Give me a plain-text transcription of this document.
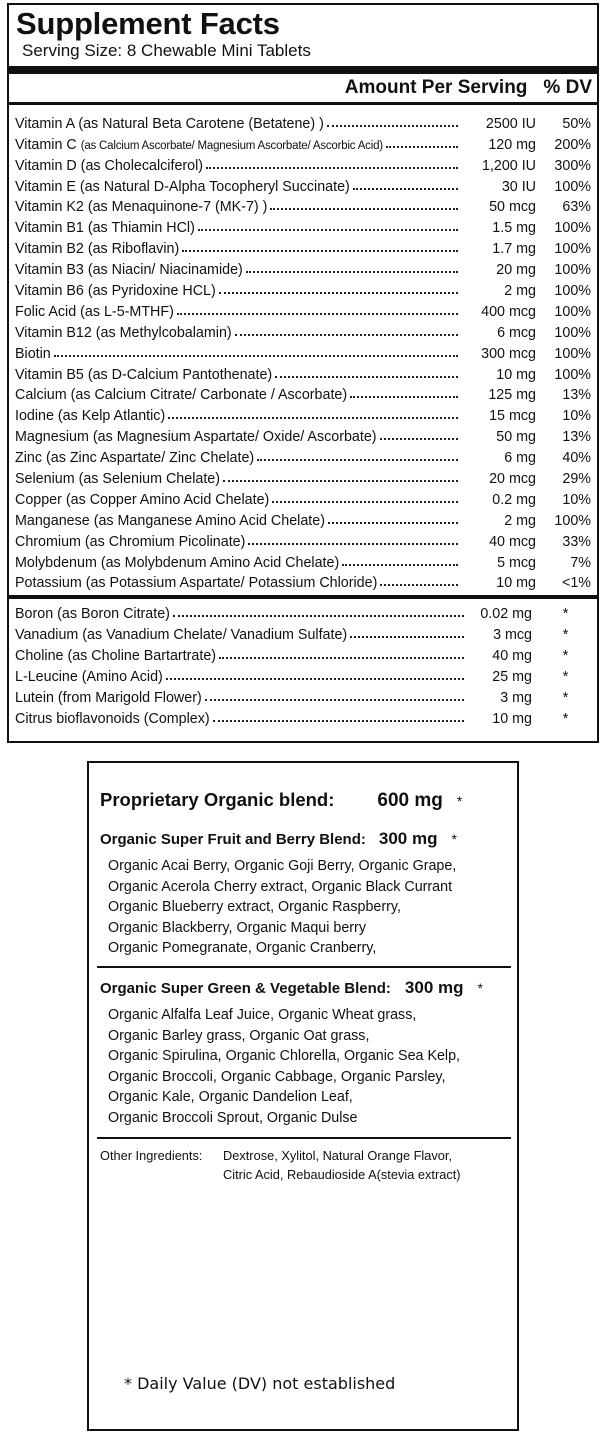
Supplement Facts
Serving Size: 8 Chewable Mini Tablets
Amount Per Serving % DV
Vitamin A (as Natural Beta Carotene (Betatene) )	2500 IU	50%
Vitamin C (as Calcium Ascorbate/ Magnesium Ascorbate/ Ascorbic Acid)	120 mg	200%
Vitamin D (as Cholecalciferol)	1,200 IU	300%
Vitamin E (as Natural D-Alpha Tocopheryl Succinate)	30 IU	100%
Vitamin K2 (as Menaquinone-7 (MK-7) )	50 mcg	63%
Vitamin B1 (as Thiamin HCl)	1.5 mg	100%
Vitamin B2 (as Riboflavin)	1.7 mg	100%
Vitamin B3 (as Niacin/ Niacinamide)	20 mg	100%
Vitamin B6 (as Pyridoxine HCL)	2 mg	100%
Folic Acid (as L-5-MTHF)	400 mcg	100%
Vitamin B12 (as Methylcobalamin)	6 mcg	100%
Biotin	300 mcg	100%
Vitamin B5 (as D-Calcium Pantothenate)	10 mg	100%
Calcium (as Calcium Citrate/ Carbonate / Ascorbate)	125 mg	13%
Iodine (as Kelp Atlantic)	15 mcg	10%
Magnesium (as Magnesium Aspartate/ Oxide/ Ascorbate)	50 mg	13%
Zinc (as Zinc Aspartate/ Zinc Chelate)	6 mg	40%
Selenium (as Selenium Chelate)	20 mcg	29%
Copper (as Copper Amino Acid Chelate)	0.2 mg	10%
Manganese (as Manganese Amino Acid Chelate)	2 mg	100%
Chromium (as Chromium Picolinate)	40 mcg	33%
Molybdenum (as Molybdenum Amino Acid Chelate)	5 mcg	7%
Potassium (as Potassium Aspartate/ Potassium Chloride)	10 mg	<1%
Boron (as Boron Citrate)	0.02 mg	*
Vanadium (as Vanadium Chelate/ Vanadium Sulfate)	3 mcg	*
Choline (as Choline Bartartrate)	40 mg	*
L-Leucine (Amino Acid)	25 mg	*
Lutein (from Marigold Flower)	3 mg	*
Citrus bioflavonoids (Complex)	10 mg	*
Proprietary Organic blend: 600 mg *
Organic Super Fruit and Berry Blend: 300 mg *
Organic Acai Berry, Organic Goji Berry, Organic Grape,
Organic Acerola Cherry extract, Organic Black Currant
Organic Blueberry extract, Organic Raspberry,
Organic Blackberry, Organic Maqui berry
Organic Pomegranate, Organic Cranberry,
Organic Super Green & Vegetable Blend: 300 mg *
Organic Alfalfa Leaf Juice, Organic Wheat grass,
Organic Barley grass, Organic Oat grass,
Organic Spirulina, Organic Chlorella, Organic Sea Kelp,
Organic Broccoli, Organic Cabbage, Organic Parsley,
Organic Kale, Organic Dandelion Leaf,
Organic Broccoli Sprout, Organic Dulse
Other Ingredients: Dextrose, Xylitol, Natural Orange Flavor,
Citric Acid, Rebaudioside A(stevia extract)
* Daily Value (DV) not established
